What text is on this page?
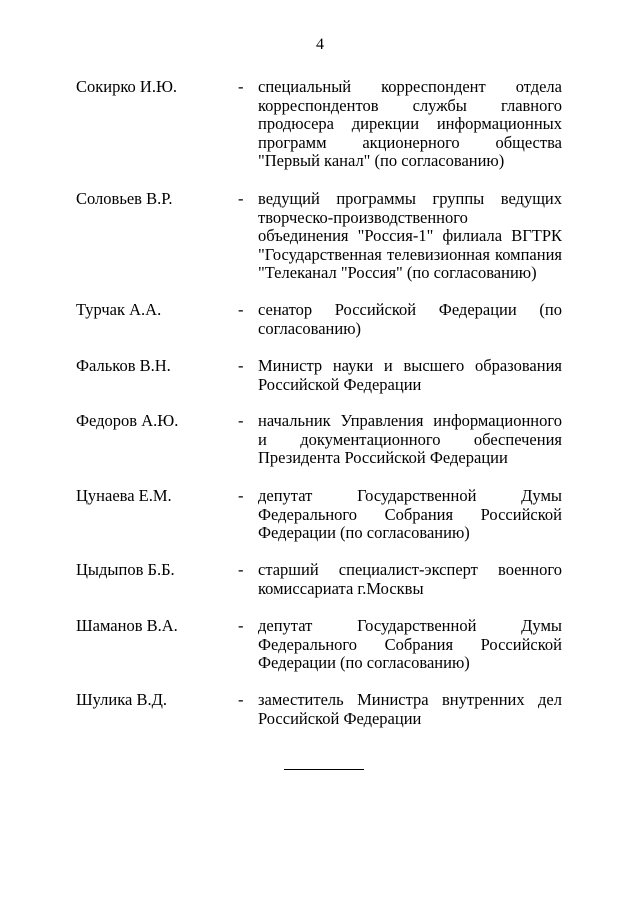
4
Сокирко И.Ю.	- специальный корреспондент отдела корреспондентов службы главного продюсера дирекции информационных программ акционерного общества "Первый канал" (по согласованию)

Соловьев В.Р.	- ведущий программы группы ведущих творческо-производственного объединения "Россия-1" филиала ВГТРК "Государственная телевизионная компания "Телеканал "Россия" (по согласованию)

Турчак А.А.	- сенатор Российской Федерации (по согласованию)

Фальков В.Н.	- Министр науки и высшего образования Российской Федерации

Федоров А.Ю.	- начальник Управления информационного и документационного обеспечения Президента Российской Федерации

Цунаева Е.М.	- депутат Государственной Думы Федерального Собрания Российской Федерации (по согласованию)

Цыдыпов Б.Б.	- старший специалист-эксперт военного комиссариата г.Москвы

Шаманов В.А.	- депутат Государственной Думы Федерального Собрания Российской Федерации (по согласованию)

Шулика В.Д.	- заместитель Министра внутренних дел Российской Федерации
